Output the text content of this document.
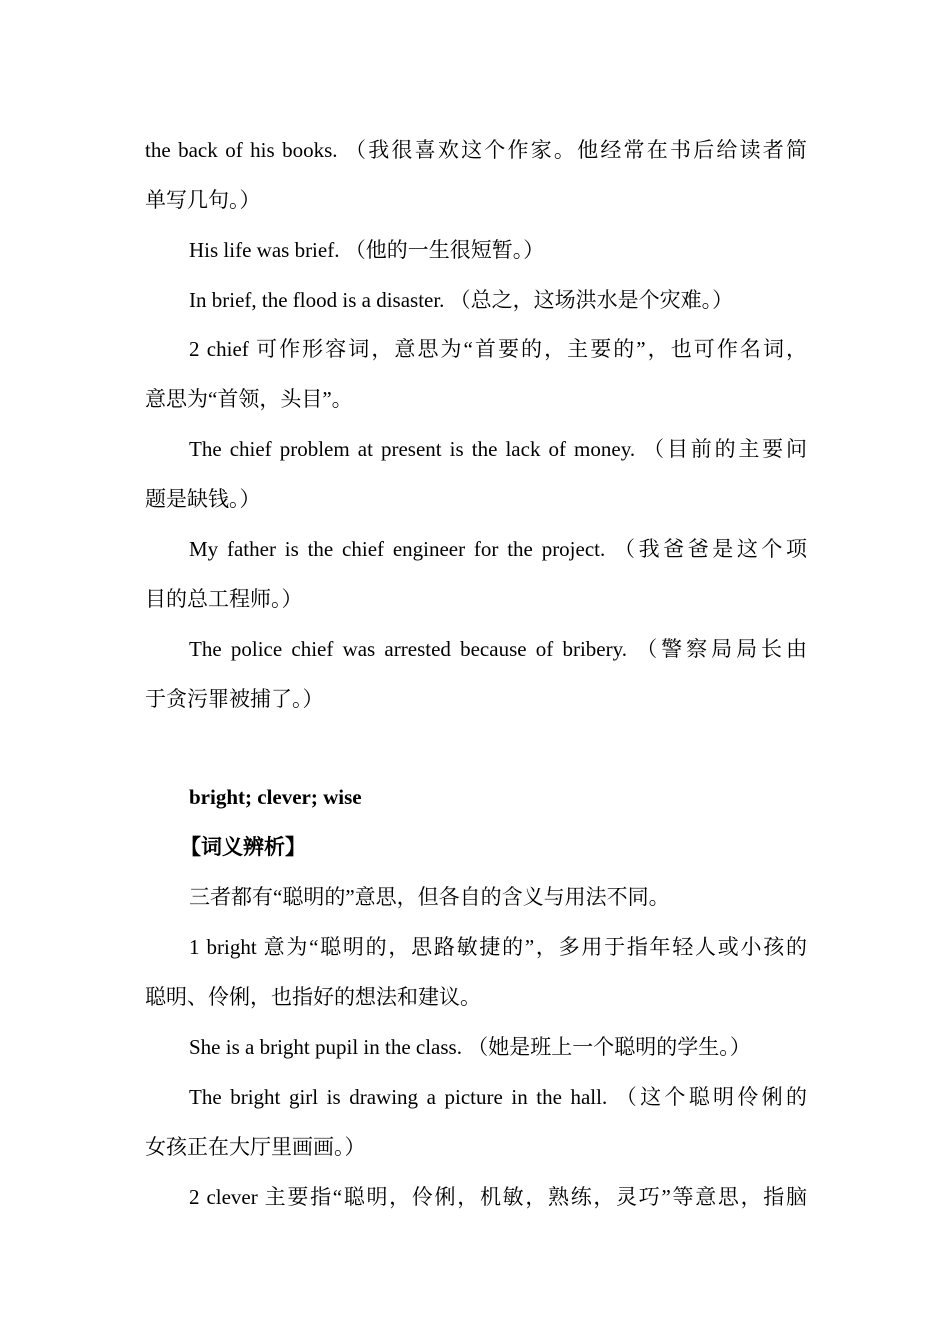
the back of his books. （我很喜欢这个作家。他经常在书后给读者简
单写几句。）
His life was brief. （他的一生很短暂。）
In brief, the flood is a disaster. （总之，这场洪水是个灾难。）
2 chief 可作形容词，意思为“首要的，主要的”，也可作名词，
意思为“首领，头目”。
The chief problem at present is the lack of money. （目前的主要问
题是缺钱。）
My father is the chief engineer for the project. （我爸爸是这个项
目的总工程师。）
The police chief was arrested because of bribery. （警察局局长由
于贪污罪被捕了。）
bright; clever; wise
【词义辨析】
三者都有“聪明的”意思，但各自的含义与用法不同。
1 bright 意为“聪明的，思路敏捷的”，多用于指年轻人或小孩的
聪明、伶俐，也指好的想法和建议。
She is a bright pupil in the class. （她是班上一个聪明的学生。）
The bright girl is drawing a picture in the hall. （这个聪明伶俐的
女孩正在大厅里画画。）
2 clever 主要指“聪明，伶俐，机敏，熟练，灵巧”等意思，指脑
